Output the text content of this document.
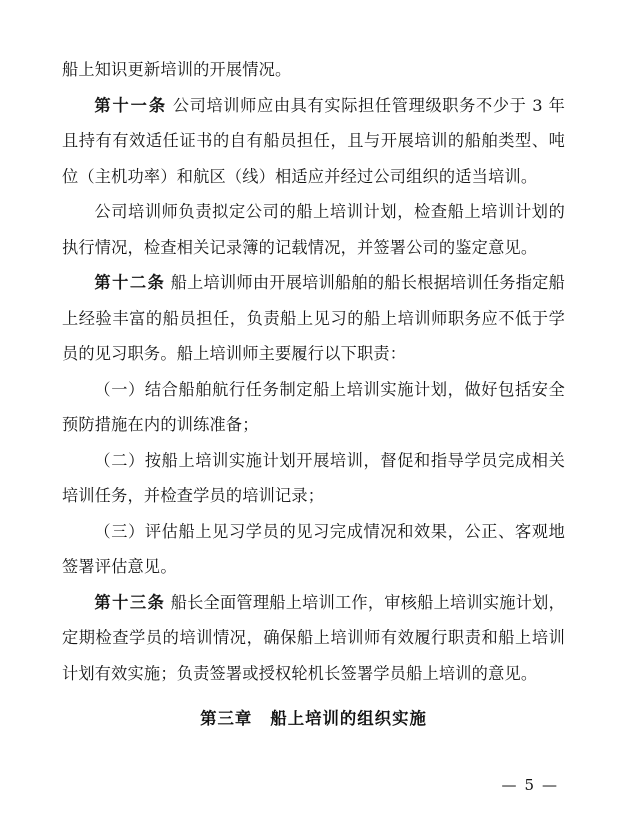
船上知识更新培训的开展情况。

第十一条 公司培训师应由具有实际担任管理级职务不少于 3 年且持有有效适任证书的自有船员担任，且与开展培训的船舶类型、吨位（主机功率）和航区（线）相适应并经过公司组织的适当培训。

公司培训师负责拟定公司的船上培训计划，检查船上培训计划的执行情况，检查相关记录簿的记载情况，并签署公司的鉴定意见。

第十二条 船上培训师由开展培训船舶的船长根据培训任务指定船上经验丰富的船员担任，负责船上见习的船上培训师职务应不低于学员的见习职务。船上培训师主要履行以下职责：

（一）结合船舶航行任务制定船上培训实施计划，做好包括安全预防措施在内的训练准备；

（二）按船上培训实施计划开展培训，督促和指导学员完成相关培训任务，并检查学员的培训记录；

（三）评估船上见习学员的见习完成情况和效果，公正、客观地签署评估意见。

第十三条 船长全面管理船上培训工作，审核船上培训实施计划，定期检查学员的培训情况，确保船上培训师有效履行职责和船上培训计划有效实施；负责签署或授权轮机长签署学员船上培训的意见。

第三章 船上培训的组织实施
— 5 —
